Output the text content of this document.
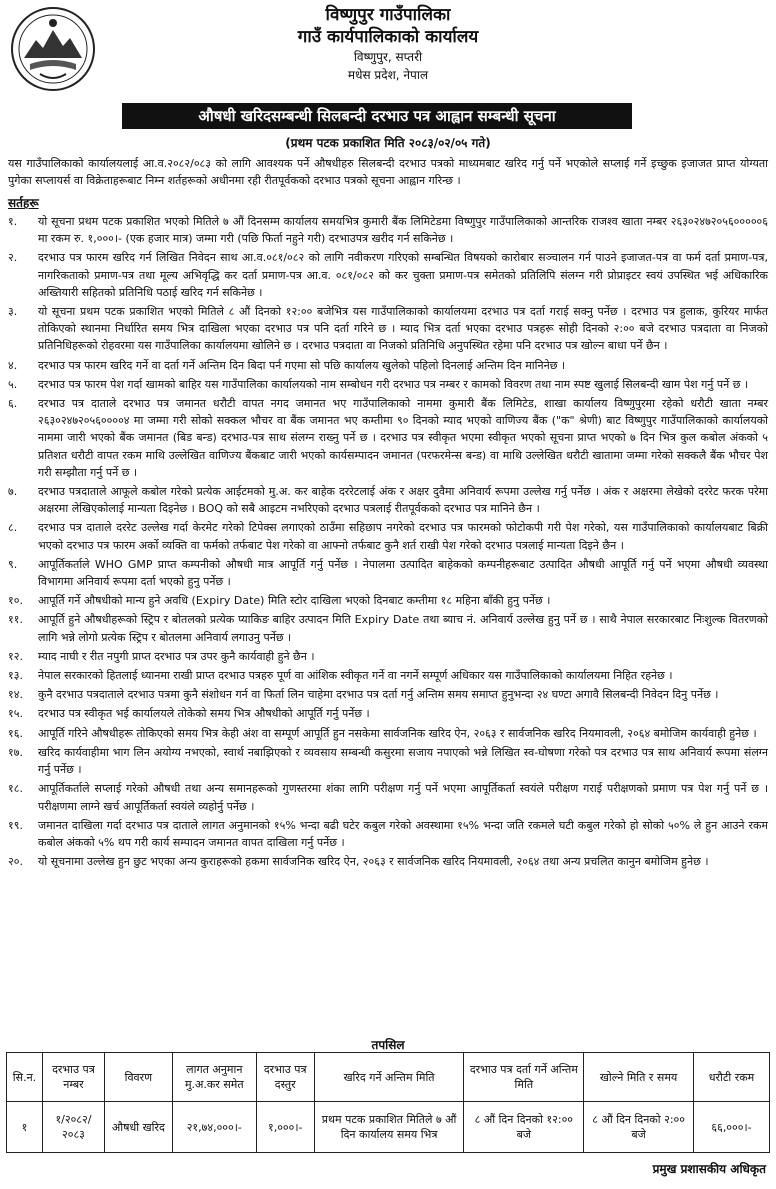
विष्णुपुर गाउँपालिका
गाउँ कार्यपालिकाको कार्यालय
विष्णुपुर, सप्तरी
मधेस प्रदेश, नेपाल
औषधी खरिदसम्बन्धी सिलबन्दी दरभाउ पत्र आह्वान सम्बन्धी सूचना
(प्रथम पटक प्रकाशित मिति २०८३/०२/०५ गते)
यस गाउँपालिकाको कार्यालयलाई आ.व.२०८२/०८३ को लागि आवश्यक पर्ने औषधीहरु सिलबन्दी दरभाउ पत्रको माध्यमबाट खरिद गर्नु पर्ने भएकोले सप्लाई गर्ने इच्छुक इजाजत प्राप्त योग्यता पुगेका सप्लायर्स वा विक्रेताहरूबाट निम्न शर्तहरूको अधीनमा रही रीतपूर्वकको दरभाउ पत्रको सूचना आह्वान गरिन्छ ।
सर्तहरू
१.	यो सूचना प्रथम पटक प्रकाशित भएको मितिले ७ औं दिनसम्म कार्यालय समयभित्र कुमारी बैंक लिमिटेडमा विष्णुपुर गाउँपालिकाको आन्तरिक राजश्व खाता नम्बर २६३०२४७२०५६०००००६ मा रकम रु. १,०००।- (एक हजार मात्र) जम्मा गरी (पछि फिर्ता नहुने गरी) दरभाउपत्र खरीद गर्न सकिनेछ ।
२.	दरभाउ पत्र फारम खरिद गर्न लिखित निवेदन साथ आ.व.०८१/०८२ को लागि नवीकरण गरिएको सम्बन्धित विषयको कारोबार सञ्चालन गर्न पाउने इजाजत-पत्र वा फर्म दर्ता प्रमाण-पत्र, नागरिकताको प्रमाण-पत्र तथा मूल्य अभिवृद्धि कर दर्ता प्रमाण-पत्र आ.व. ०८१/०८२ को कर चुक्ता प्रमाण-पत्र समेतको प्रतिलिपि संलग्न गरी प्रोप्राइटर स्वयं उपस्थित भई अधिकारिक अख्तियारी सहितको प्रतिनिधि पठाई खरिद गर्न सकिनेछ ।
३.	यो सूचना प्रथम पटक प्रकाशित भएको मितिले ८ औं दिनको १२:०० बजेभित्र यस गाउँपालिकाको कार्यालयमा दरभाउ पत्र दर्ता गराई सक्नु पर्नेछ । दरभाउ पत्र हुलाक, कुरियर मार्फत तोकिएको स्थानमा निर्धारित समय भित्र दाखिला भएका दरभाउ पत्र पनि दर्ता गरिने छ । म्याद भित्र दर्ता भएका दरभाउ पत्रहरू सोही दिनको २:०० बजे दरभाउ पत्रदाता वा निजको प्रतिनिधिहरूको रोहवरमा यस गाउँपालिका कार्यालयमा खोलिने छ । दरभाउ पत्रदाता वा निजको प्रतिनिधि अनुपस्थित रहेमा पनि दरभाउ पत्र खोल्न बाधा पर्ने छैन ।
४.	दरभाउ पत्र फारम खरिद गर्ने वा दर्ता गर्ने अन्तिम दिन बिदा पर्न गएमा सो पछि कार्यालय खुलेको पहिलो दिनलाई अन्तिम दिन मानिनेछ ।
५.	दरभाउ पत्र फारम पेश गर्दा खामको बाहिर यस गाउँपालिका कार्यालयको नाम सम्बोधन गरी दरभाउ पत्र नम्बर र कामको विवरण तथा नाम स्पष्ट खुलाई सिलबन्दी खाम पेश गर्नु पर्ने छ ।
६.	दरभाउ पत्र दाताले दरभाउ पत्र जमानत धरौटी वापत नगद जमानत भए गाउँपालिकाको नाममा कुमारी बैंक लिमिटेड, शाखा कार्यालय विष्णुपुरमा रहेको धरौटी खाता नम्बर २६३०२४७२०५६००००४ मा जम्मा गरी सोको सक्कल भौचर वा बैंक जमानत भए कम्तीमा ९० दिनको म्याद भएको वाणिज्य बैंक ("क" श्रेणी) बाट विष्णुपुर गाउँपालिकाको कार्यालयको नाममा जारी भएको बैंक जमानत (बिड बन्ड) दरभाउ-पत्र साथ संलग्न राख्नु पर्ने छ । दरभाउ पत्र स्वीकृत भएमा स्वीकृत भएको सूचना प्राप्त भएको ७ दिन भित्र कुल कबोल अंकको ५ प्रतिशत धरौटी वापत रकम माथि उल्लेखित वाणिज्य बैंकबाट जारी भएको कार्यसम्पादन जमानत (परफरमेन्स बन्ड) वा माथि उल्लेखित धरौटी खातामा जम्मा गरेको सक्कलै बैंक भौचर पेश गरी सम्झौता गर्नु पर्ने छ ।
७.	दरभाउ पत्रदाताले आफूले कबोल गरेको प्रत्येक आईटमको मु.अ. कर बाहेक दररेटलाई अंक र अक्षर दुवैमा अनिवार्य रूपमा उल्लेख गर्नु पर्नेछ । अंक र अक्षरमा लेखेको दररेट फरक परेमा अक्षरमा लेखिएकोलाई मान्यता दिइनेछ । BOQ को सबै आइटम नभरिएको दरभाउ पत्रलाई रीतपूर्वकको दरभाउ पत्र मानिने छैन ।
८.	दरभाउ पत्र दाताले दररेट उल्लेख गर्दा केरमेट गरेको टिपेक्स लगाएको ठाउँमा सहिछाप नगरेको दरभाउ पत्र फारमको फोटोकपी गरी पेश गरेको, यस गाउँपालिकाको कार्यालयबाट बिक्री भएको दरभाउ पत्र फारम अर्को व्यक्ति वा फर्मको तर्फबाट पेश गरेको वा आफ्नो तर्फबाट कुनै शर्त राखी पेश गरेको दरभाउ पत्रलाई मान्यता दिइने छैन ।
९.	आपूर्तिकर्ताले WHO GMP प्राप्त कम्पनीको औषधी मात्र आपूर्ति गर्नु पर्नेछ । नेपालमा उत्पादित बाहेकको कम्पनीहरूबाट उत्पादित औषधी आपूर्ति गर्नु पर्ने भएमा औषधी व्यवस्था विभागमा अनिवार्य रूपमा दर्ता भएको हुनु पर्नेछ ।
१०.	आपूर्ति गर्ने औषधीको मान्य हुने अवधि (Expiry Date) मिति स्टोर दाखिला भएको दिनबाट कम्तीमा १८ महिना बाँकी हुनु पर्नेछ ।
११.	आपूर्ति हुने औषधीहरूको स्ट्रिप र बोतलको प्रत्येक प्याकिङ बाहिर उत्पादन मिति Expiry Date तथा ब्याच नं. अनिवार्य उल्लेख हुनु पर्ने छ । साथै नेपाल सरकारबाट निःशुल्क वितरणको लागि भन्ने लोगो प्रत्येक स्ट्रिप र बोतलमा अनिवार्य लगाउनु पर्नेछ ।
१२.	म्याद नाघी र रीत नपुगी प्राप्त दरभाउ पत्र उपर कुनै कार्यवाही हुने छैन ।
१३.	नेपाल सरकारको हितलाई ध्यानमा राखी प्राप्त दरभाउ पत्रहरु पूर्ण वा आंशिक स्वीकृत गर्ने वा नगर्ने सम्पूर्ण अधिकार यस गाउँपालिकाको कार्यालयमा निहित रहनेछ ।
१४.	कुनै दरभाउ पत्रदाताले दरभाउ पत्रमा कुनै संशोधन गर्न वा फिर्ता लिन चाहेमा दरभाउ पत्र दर्ता गर्नु अन्तिम समय समाप्त हुनुभन्दा २४ घण्टा अगावै सिलबन्दी निवेदन दिनु पर्नेछ ।
१५.	दरभाउ पत्र स्वीकृत भई कार्यालयले तोकेको समय भित्र औषधीको आपूर्ति गर्नु पर्नेछ ।
१६.	आपूर्ति गरिने औषधीहरू तोकिएको समय भित्र केही अंश वा सम्पूर्ण आपूर्ति हुन नसकेमा सार्वजनिक खरिद ऐन, २०६३ र सार्वजनिक खरिद नियमावली, २०६४ बमोजिम कार्यवाही हुनेछ ।
१७.	खरिद कार्यवाहीमा भाग लिन अयोग्य नभएको, स्वार्थ नबाझिएको र व्यवसाय सम्बन्धी कसुरमा सजाय नपाएको भन्ने लिखित स्व-घोषणा गरेको पत्र दरभाउ पत्र साथ अनिवार्य रूपमा संलग्न गर्नु पर्नेछ ।
१८.	आपूर्तिकर्ताले सप्लाई गरेको औषधी तथा अन्य समानहरूको गुणस्तरमा शंका लागि परीक्षण गर्नु पर्ने भएमा आपूर्तिकर्ता स्वयंले परीक्षण गराई परीक्षणको प्रमाण पत्र पेश गर्नु पर्ने छ । परीक्षणमा लाग्ने खर्च आपूर्तिकर्ता स्वयंले व्यहोर्नु पर्नेछ ।
१९.	जमानत दाखिला गर्दा दरभाउ पत्र दाताले लागत अनुमानको १५% भन्दा बढी घटेर कबुल गरेको अवस्थामा १५% भन्दा जति रकमले घटी कबुल गरेको हो सोको ५०% ले हुन आउने रकम कबोल अंकको ५% थप गरी कार्य सम्पादन जमानत वापत दाखिला गर्नु पर्नेछ ।
२०.	यो सूचनामा उल्लेख हुन छुट भएका अन्य कुराहरूको हकमा सार्वजनिक खरिद ऐन, २०६३ र सार्वजनिक खरिद नियमावली, २०६४ तथा अन्य प्रचलित कानुन बमोजिम हुनेछ ।
तपसिल
सि.न.	दरभाउ पत्र नम्बर	विवरण	लागत अनुमान मु.अ.कर समेत	दरभाउ पत्र दस्तुर	खरिद गर्ने अन्तिम मिति	दरभाउ पत्र दर्ता गर्ने अन्तिम मिति	खोल्ने मिति र समय	धरौटी रकम
१	१/२०८२/ २०८३	औषधी खरिद	२१,७४,०००।-	१,०००।-	प्रथम पटक प्रकाशित मितिले ७ औं दिन कार्यालय समय भित्र	८ औं दिन दिनको १२:०० बजे	८ औं दिन दिनको २:०० बजे	६६,०००।-
प्रमुख प्रशासकीय अधिकृत
